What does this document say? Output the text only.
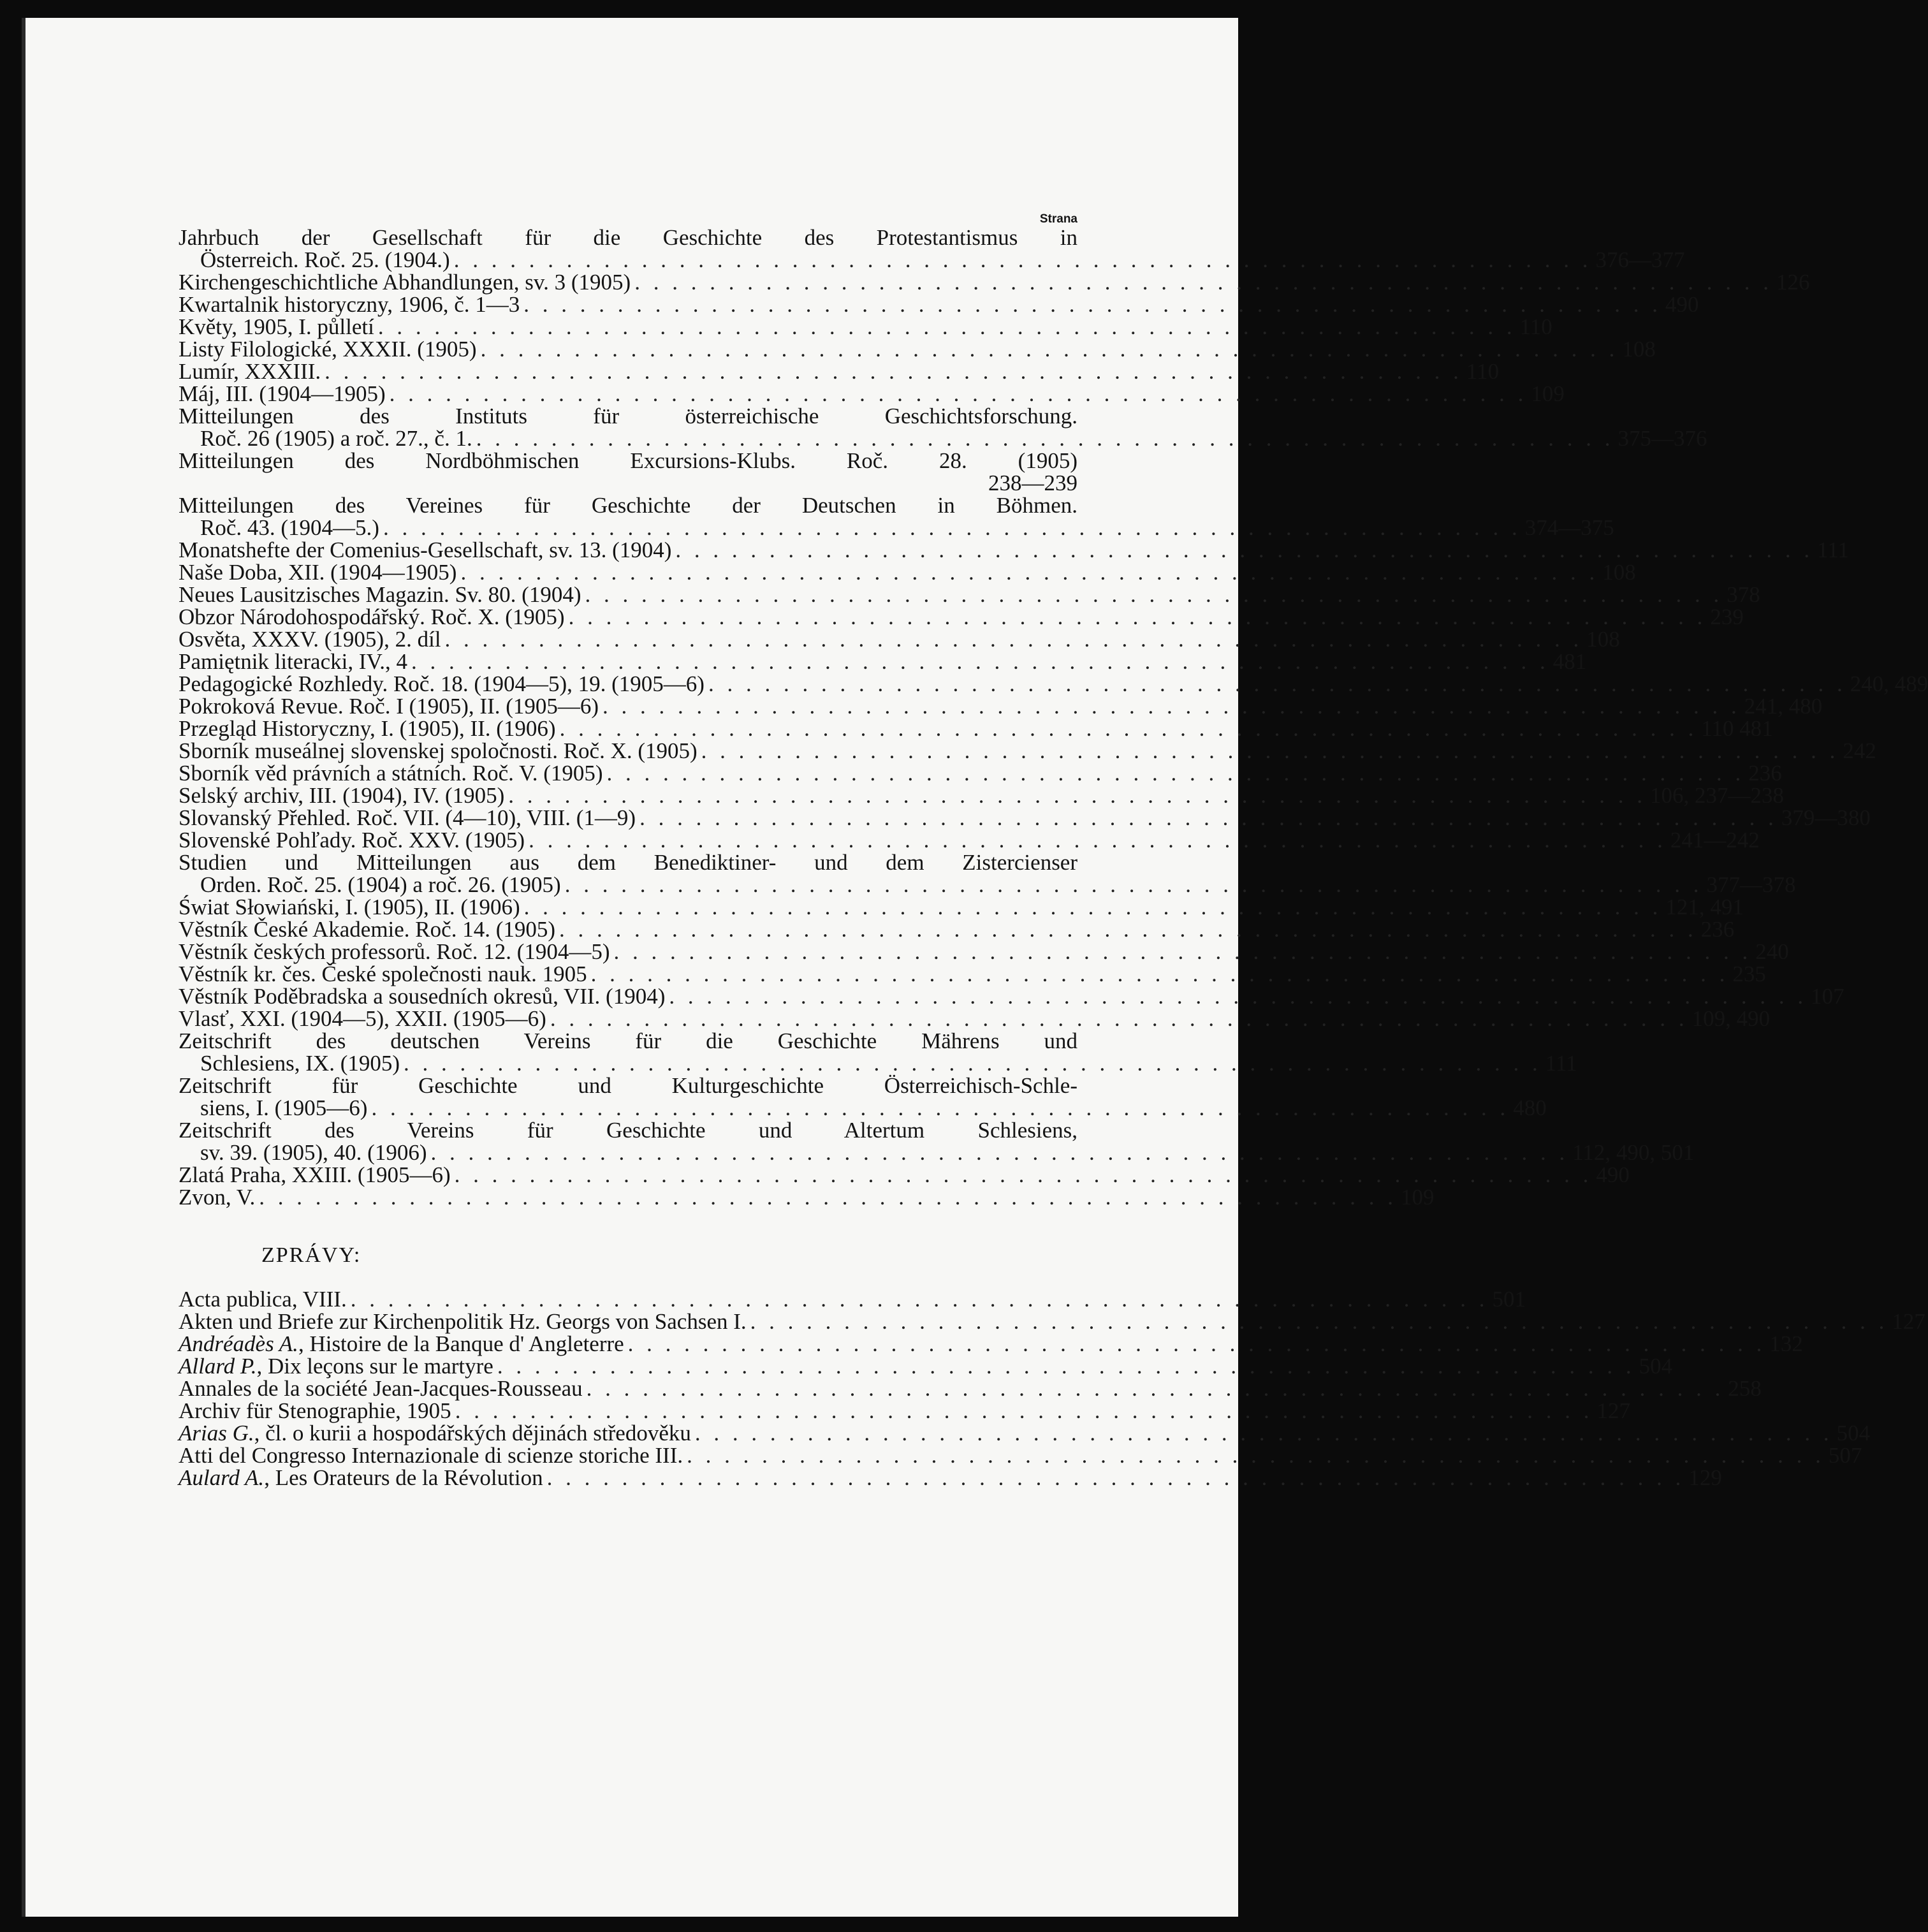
Strana
Jahrbuch der Gesellschaft für die Geschichte des Protestantismus in
Österreich. Roč. 25. (1904.) . . . . . . . . . . . . . . . . . . . . . . . . . . . . . . . . . . . . . . . . . . . . . . . . . . . . . . . . . . . . . 376—377
Kirchengeschichtliche Abhandlungen, sv. 3 (1905) . . . . . . . . . . . . . . . . . . . . . . . . . . . . . . . . . . . . . . . . . . . . . . . . . . . . . . . . . . . . . 126
Kwartalnik historyczny, 1906, č. 1—3 . . . . . . . . . . . . . . . . . . . . . . . . . . . . . . . . . . . . . . . . . . . . . . . . . . . . . . . . . . . . . 490
Květy, 1905, I. půlletí . . . . . . . . . . . . . . . . . . . . . . . . . . . . . . . . . . . . . . . . . . . . . . . . . . . . . . . . . . . . . 110
Listy Filologické, XXXII. (1905) . . . . . . . . . . . . . . . . . . . . . . . . . . . . . . . . . . . . . . . . . . . . . . . . . . . . . . . . . . . . . 108
Lumír, XXXIII. . . . . . . . . . . . . . . . . . . . . . . . . . . . . . . . . . . . . . . . . . . . . . . . . . . . . . . . . . . . . . 110
Máj, III. (1904—1905) . . . . . . . . . . . . . . . . . . . . . . . . . . . . . . . . . . . . . . . . . . . . . . . . . . . . . . . . . . . . . 109
Mitteilungen des Instituts für österreichische Geschichtsforschung.
Roč. 26 (1905) a roč. 27., č. 1. . . . . . . . . . . . . . . . . . . . . . . . . . . . . . . . . . . . . . . . . . . . . . . . . . . . . . . . . . . . . . 375—376
Mitteilungen des Nordböhmischen Excursions-Klubs. Roč. 28. (1905)
238—239
Mitteilungen des Vereines für Geschichte der Deutschen in Böhmen.
Roč. 43. (1904—5.) . . . . . . . . . . . . . . . . . . . . . . . . . . . . . . . . . . . . . . . . . . . . . . . . . . . . . . . . . . . . . 374—375
Monatshefte der Comenius-Gesellschaft, sv. 13. (1904) . . . . . . . . . . . . . . . . . . . . . . . . . . . . . . . . . . . . . . . . . . . . . . . . . . . . . . . . . . . . . 111
Naše Doba, XII. (1904—1905) . . . . . . . . . . . . . . . . . . . . . . . . . . . . . . . . . . . . . . . . . . . . . . . . . . . . . . . . . . . . . 108
Neues Lausitzisches Magazin. Sv. 80. (1904) . . . . . . . . . . . . . . . . . . . . . . . . . . . . . . . . . . . . . . . . . . . . . . . . . . . . . . . . . . . . . 378
Obzor Národohospodářský. Roč. X. (1905) . . . . . . . . . . . . . . . . . . . . . . . . . . . . . . . . . . . . . . . . . . . . . . . . . . . . . . . . . . . . . 239
Osvěta, XXXV. (1905), 2. díl . . . . . . . . . . . . . . . . . . . . . . . . . . . . . . . . . . . . . . . . . . . . . . . . . . . . . . . . . . . . . 108
Pamiętnik literacki, IV., 4 . . . . . . . . . . . . . . . . . . . . . . . . . . . . . . . . . . . . . . . . . . . . . . . . . . . . . . . . . . . . . 481
Pedagogické Rozhledy. Roč. 18. (1904—5), 19. (1905—6) . . . . . . . . . . . . . . . . . . . . . . . . . . . . . . . . . . . . . . . . . . . . . . . . . . . . . . . . . . . . . 240, 489
Pokroková Revue. Roč. I (1905), II. (1905—6) . . . . . . . . . . . . . . . . . . . . . . . . . . . . . . . . . . . . . . . . . . . . . . . . . . . . . . . . . . . . . 241, 480
Przegląd Historyczny, I. (1905), II. (1906) . . . . . . . . . . . . . . . . . . . . . . . . . . . . . . . . . . . . . . . . . . . . . . . . . . . . . . . . . . . . . 110 481
Sborník museálnej slovenskej spoločnosti. Roč. X. (1905) . . . . . . . . . . . . . . . . . . . . . . . . . . . . . . . . . . . . . . . . . . . . . . . . . . . . . . . . . . . . . 242
Sborník věd právních a státních. Roč. V. (1905) . . . . . . . . . . . . . . . . . . . . . . . . . . . . . . . . . . . . . . . . . . . . . . . . . . . . . . . . . . . . . 236
Selský archiv, III. (1904), IV. (1905) . . . . . . . . . . . . . . . . . . . . . . . . . . . . . . . . . . . . . . . . . . . . . . . . . . . . . . . . . . . . . 106, 237—238
Slovanský Přehled. Roč. VII. (4—10), VIII. (1—9) . . . . . . . . . . . . . . . . . . . . . . . . . . . . . . . . . . . . . . . . . . . . . . . . . . . . . . . . . . . . . 379—380
Slovenské Pohľady. Roč. XXV. (1905) . . . . . . . . . . . . . . . . . . . . . . . . . . . . . . . . . . . . . . . . . . . . . . . . . . . . . . . . . . . . . 241—242
Studien und Mitteilungen aus dem Benediktiner- und dem Zistercienser
Orden. Roč. 25. (1904) a roč. 26. (1905) . . . . . . . . . . . . . . . . . . . . . . . . . . . . . . . . . . . . . . . . . . . . . . . . . . . . . . . . . . . . . 377—378
Świat Słowiański, I. (1905), II. (1906) . . . . . . . . . . . . . . . . . . . . . . . . . . . . . . . . . . . . . . . . . . . . . . . . . . . . . . . . . . . . . 121, 491
Věstník České Akademie. Roč. 14. (1905) . . . . . . . . . . . . . . . . . . . . . . . . . . . . . . . . . . . . . . . . . . . . . . . . . . . . . . . . . . . . . 236
Věstník českých professorů. Roč. 12. (1904—5) . . . . . . . . . . . . . . . . . . . . . . . . . . . . . . . . . . . . . . . . . . . . . . . . . . . . . . . . . . . . . 240
Věstník kr. čes. České společnosti nauk. 1905 . . . . . . . . . . . . . . . . . . . . . . . . . . . . . . . . . . . . . . . . . . . . . . . . . . . . . . . . . . . . . 235
Věstník Poděbradska a sousedních okresů, VII. (1904) . . . . . . . . . . . . . . . . . . . . . . . . . . . . . . . . . . . . . . . . . . . . . . . . . . . . . . . . . . . . . 107
Vlasť, XXI. (1904—5), XXII. (1905—6) . . . . . . . . . . . . . . . . . . . . . . . . . . . . . . . . . . . . . . . . . . . . . . . . . . . . . . . . . . . . . 109, 490
Zeitschrift des deutschen Vereins für die Geschichte Mährens und
Schlesiens, IX. (1905) . . . . . . . . . . . . . . . . . . . . . . . . . . . . . . . . . . . . . . . . . . . . . . . . . . . . . . . . . . . . . 111
Zeitschrift für Geschichte und Kulturgeschichte Österreichisch-Schle-
siens, I. (1905—6) . . . . . . . . . . . . . . . . . . . . . . . . . . . . . . . . . . . . . . . . . . . . . . . . . . . . . . . . . . . . . 480
Zeitschrift des Vereins für Geschichte und Altertum Schlesiens,
sv. 39. (1905), 40. (1906) . . . . . . . . . . . . . . . . . . . . . . . . . . . . . . . . . . . . . . . . . . . . . . . . . . . . . . . . . . . . . 112, 490, 501
Zlatá Praha, XXIII. (1905—6) . . . . . . . . . . . . . . . . . . . . . . . . . . . . . . . . . . . . . . . . . . . . . . . . . . . . . . . . . . . . . 490
Zvon, V. . . . . . . . . . . . . . . . . . . . . . . . . . . . . . . . . . . . . . . . . . . . . . . . . . . . . . . . . . . . . . 109
ZPRÁVY:
Acta publica, VIII. . . . . . . . . . . . . . . . . . . . . . . . . . . . . . . . . . . . . . . . . . . . . . . . . . . . . . . . . . . . . . 501
Akten und Briefe zur Kirchenpolitik Hz. Georgs von Sachsen I. . . . . . . . . . . . . . . . . . . . . . . . . . . . . . . . . . . . . . . . . . . . . . . . . . . . . . . . . . . . . . 127
Andréadès A., Histoire de la Banque d' Angleterre . . . . . . . . . . . . . . . . . . . . . . . . . . . . . . . . . . . . . . . . . . . . . . . . . . . . . . . . . . . . . 132
Allard P., Dix leçons sur le martyre . . . . . . . . . . . . . . . . . . . . . . . . . . . . . . . . . . . . . . . . . . . . . . . . . . . . . . . . . . . . . 504
Annales de la société Jean-Jacques-Rousseau . . . . . . . . . . . . . . . . . . . . . . . . . . . . . . . . . . . . . . . . . . . . . . . . . . . . . . . . . . . . . 258
Archiv für Stenographie, 1905 . . . . . . . . . . . . . . . . . . . . . . . . . . . . . . . . . . . . . . . . . . . . . . . . . . . . . . . . . . . . . 127
Arias G., čl. o kurii a hospodářských dějinách středověku . . . . . . . . . . . . . . . . . . . . . . . . . . . . . . . . . . . . . . . . . . . . . . . . . . . . . . . . . . . . . 504
Atti del Congresso Internazionale di scienze storiche III. . . . . . . . . . . . . . . . . . . . . . . . . . . . . . . . . . . . . . . . . . . . . . . . . . . . . . . . . . . . . . 507
Aulard A., Les Orateurs de la Révolution . . . . . . . . . . . . . . . . . . . . . . . . . . . . . . . . . . . . . . . . . . . . . . . . . . . . . . . . . . . . . 129
